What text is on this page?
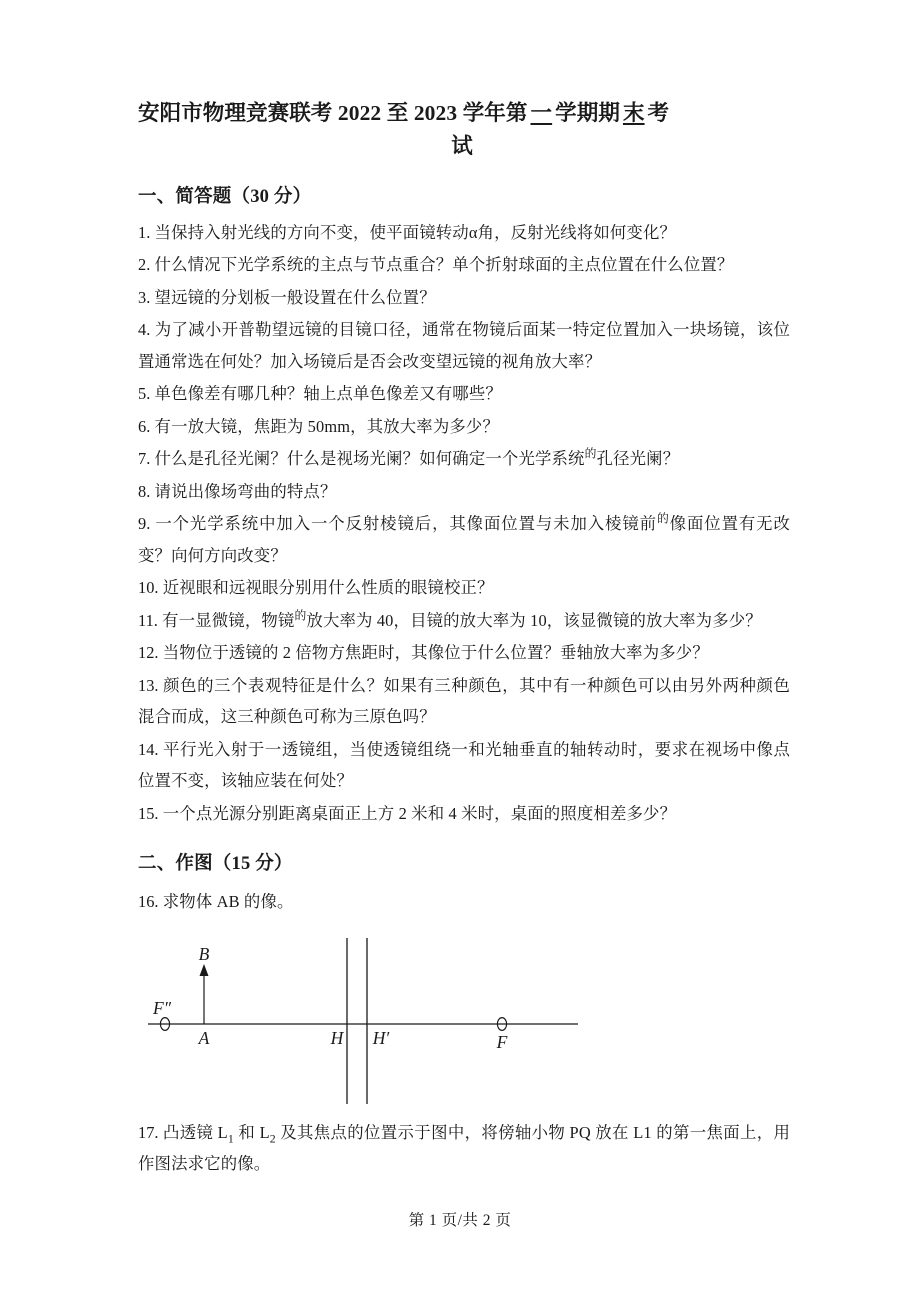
安阳市物理竞赛联考 2022 至 2023 学年第 一 学期期 末 考
试
一、简答题（30 分）

1. 当保持入射光线的方向不变，使平面镜转动α角，反射光线将如何变化？

2. 什么情况下光学系统的主点与节点重合？单个折射球面的主点位置在什么位置？

3. 望远镜的分划板一般设置在什么位置？

4. 为了减小开普勒望远镜的目镜口径，通常在物镜后面某一特定位置加入一块场镜，该位置通常选在何处？加入场镜后是否会改变望远镜的视角放大率？

5. 单色像差有哪几种？轴上点单色像差又有哪些？

6. 有一放大镜，焦距为 50mm，其放大率为多少？

7. 什么是孔径光阑？什么是视场光阑？如何确定一个光学系统$^的$孔径光阑？

8. 请说出像场弯曲的特点？

9. 一个光学系统中加入一个反射棱镜后，其像面位置与未加入棱镜前$^的$像面位置有无改变？向何方向改变？

10. 近视眼和远视眼分别用什么性质的眼镜校正？

11. 有一显微镜，物镜$^的$放大率为 40，目镜的放大率为 10，该显微镜的放大率为多少？

12. 当物位于透镜的 2 倍物方焦距时，其像位于什么位置？垂轴放大率为多少？

13. 颜色的三个表观特征是什么？如果有三种颜色，其中有一种颜色可以由另外两种颜色混合而成，这三种颜色可称为三原色吗？

14. 平行光入射于一透镜组，当使透镜组绕一和光轴垂直的轴转动时，要求在视场中像点位置不变，该轴应装在何处？

15. 一个点光源分别距离桌面正上方 2 米和 4 米时，桌面的照度相差多少？

二、作图（15 分）

16. 求物体 AB 的像。

F″
B
A	H H′	F

17. 凸透镜 $L_1$ 和 $L_2$ 及其焦点的位置示于图中，将傍轴小物 PQ 放在 L1 的第一焦面上，用作图法求它的像。

第 1 页/共 2 页
